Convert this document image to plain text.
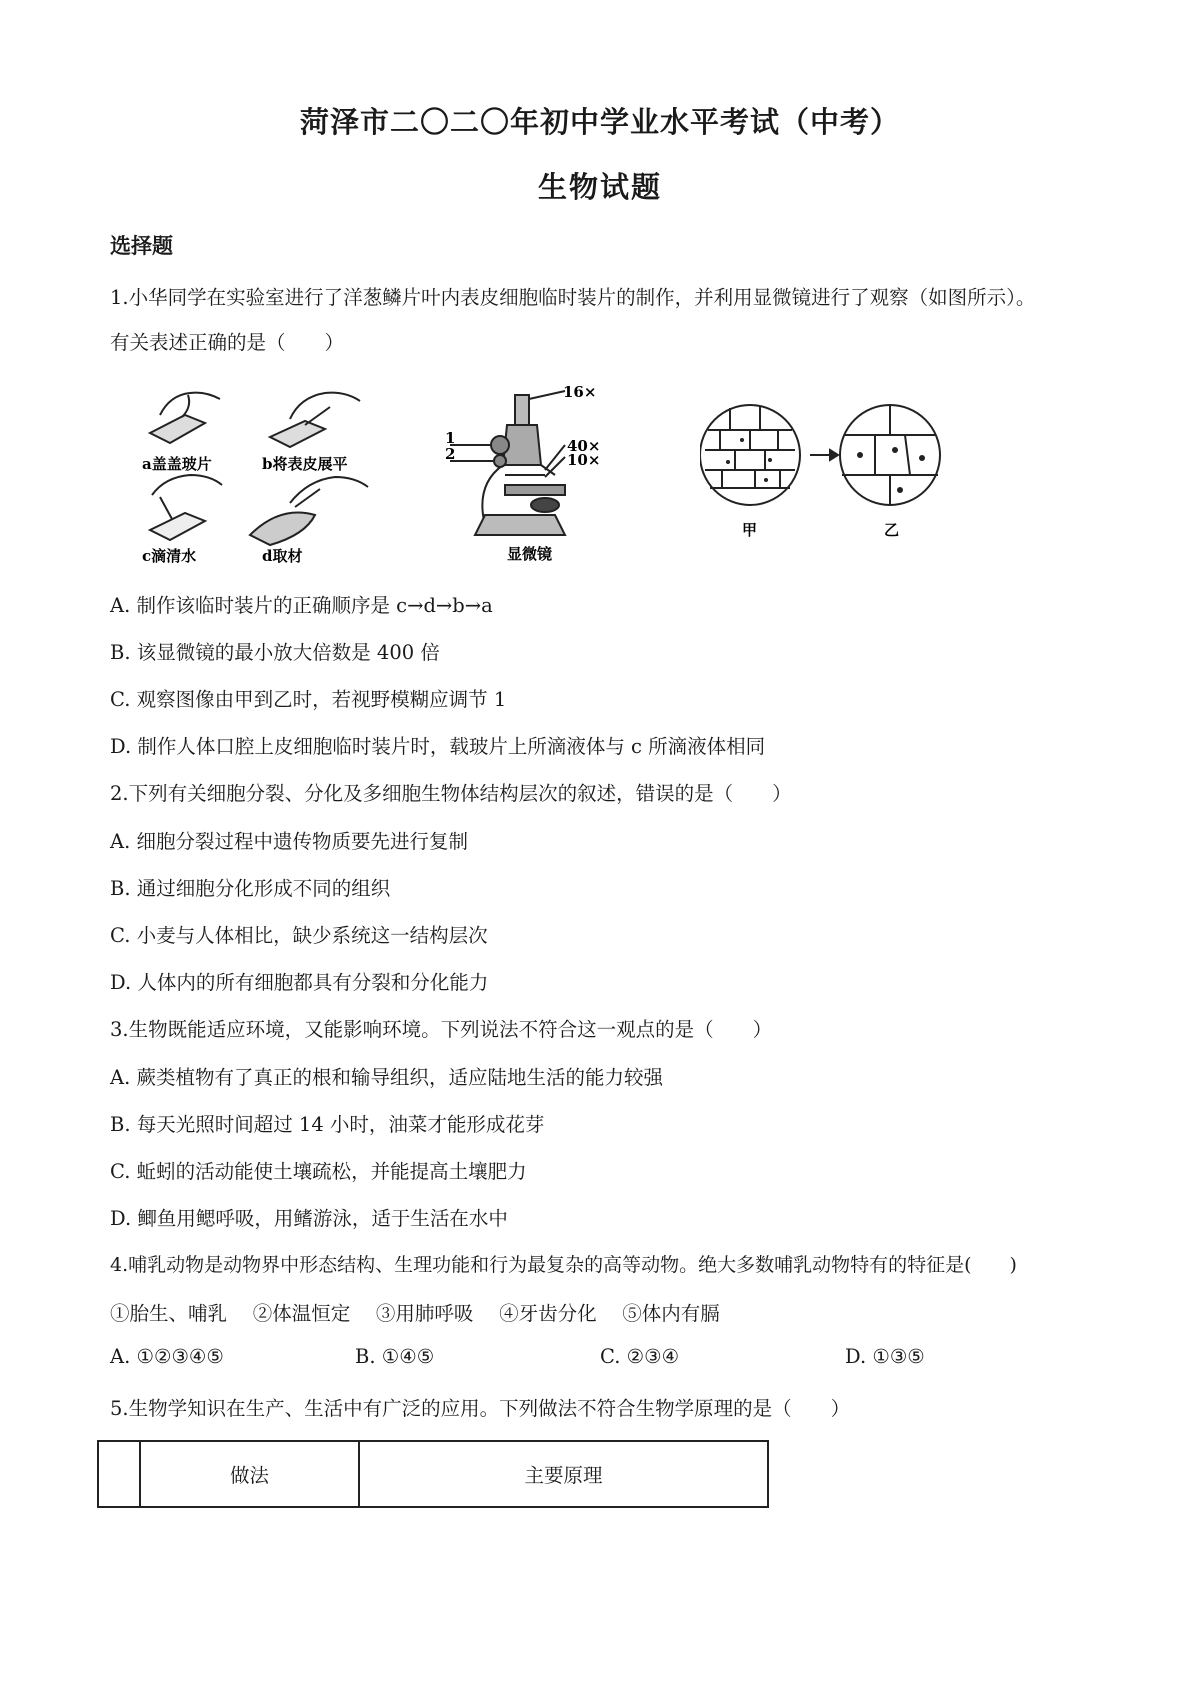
菏泽市二〇二〇年初中学业水平考试（中考）
生物试题
选择题
1.小华同学在实验室进行了洋葱鳞片叶内表皮细胞临时装片的制作，并利用显微镜进行了观察（如图所示）。
有关表述正确的是（　　）
a盖盖玻片	b将表皮展平
c滴清水	d取材
16×
40×
10×
1
2
显微镜
甲	乙
A. 制作该临时装片的正确顺序是 c→d→b→a
B. 该显微镜的最小放大倍数是 400 倍
C. 观察图像由甲到乙时，若视野模糊应调节 1
D. 制作人体口腔上皮细胞临时装片时，载玻片上所滴液体与 c 所滴液体相同
2.下列有关细胞分裂、分化及多细胞生物体结构层次的叙述，错误的是（　　）
A. 细胞分裂过程中遗传物质要先进行复制
B. 通过细胞分化形成不同的组织
C. 小麦与人体相比，缺少系统这一结构层次
D. 人体内的所有细胞都具有分裂和分化能力
3.生物既能适应环境，又能影响环境。下列说法不符合这一观点的是（　　）
A. 蕨类植物有了真正的根和输导组织，适应陆地生活的能力较强
B. 每天光照时间超过 14 小时，油菜才能形成花芽
C. 蚯蚓的活动能使土壤疏松，并能提高土壤肥力
D. 鲫鱼用鳃呼吸，用鳍游泳，适于生活在水中
4.哺乳动物是动物界中形态结构、生理功能和行为最复杂的高等动物。绝大多数哺乳动物特有的特征是(　　)
①胎生、哺乳　 ②体温恒定　 ③用肺呼吸　 ④牙齿分化　 ⑤体内有膈
A. ①②③④⑤	B. ①④⑤	C. ②③④	D. ①③⑤
5.生物学知识在生产、生活中有广泛的应用。下列做法不符合生物学原理的是（　　）
	做法	主要原理
